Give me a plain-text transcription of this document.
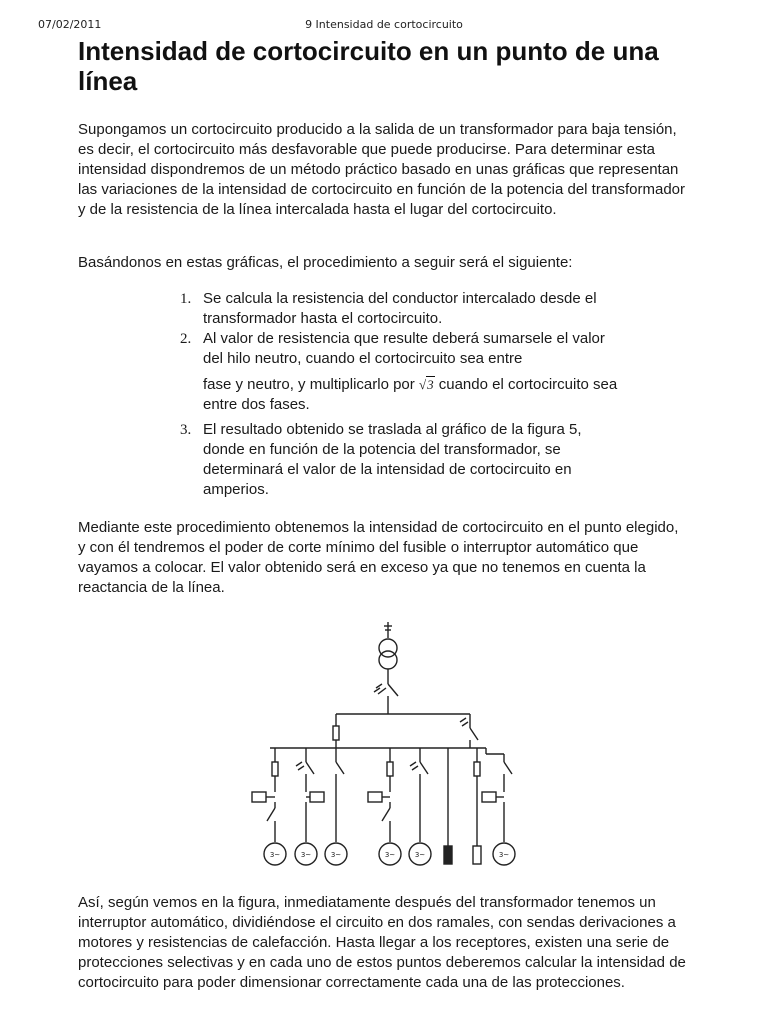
07/02/2011	9 Intensidad de cortocircuito
Intensidad de cortocircuito en un punto de una línea

Supongamos un cortocircuito producido a la salida de un transformador para baja tensión, es decir, el cortocircuito más desfavorable que puede producirse. Para determinar esta intensidad dispondremos de un método práctico basado en unas gráficas que representan las variaciones de la intensidad de cortocircuito en función de la potencia del transformador y de la resistencia de la línea intercalada hasta el lugar del cortocircuito.

Basándonos en estas gráficas, el procedimiento a seguir será el siguiente:

1. Se calcula la resistencia del conductor intercalado desde el transformador hasta el cortocircuito.
2. Al valor de resistencia que resulte deberá sumarsele el valor del hilo neutro, cuando el cortocircuito sea entre
fase y neutro, y multiplicarlo por √3 cuando el cortocircuito sea entre dos fases.
3. El resultado obtenido se traslada al gráfico de la figura 5, donde en función de la potencia del transformador, se determinará el valor de la intensidad de cortocircuito en amperios.

Mediante este procedimiento obtenemos la intensidad de cortocircuito en el punto elegido, y con él tendremos el poder de corte mínimo del fusible o interruptor automático que vayamos a colocar. El valor obtenido será en exceso ya que no tenemos en cuenta la reactancia de la línea.

3~	3~	3~	3~	3~	3~

Así, según vemos en la figura, inmediatamente después del transformador tenemos un interruptor automático, dividiéndose el circuito en dos ramales, con sendas derivaciones a motores y resistencias de calefacción. Hasta llegar a los receptores, existen una serie de protecciones selectivas y en cada uno de estos puntos deberemos calcular la intensidad de cortocircuito para poder dimensionar correctamente cada una de las protecciones.
